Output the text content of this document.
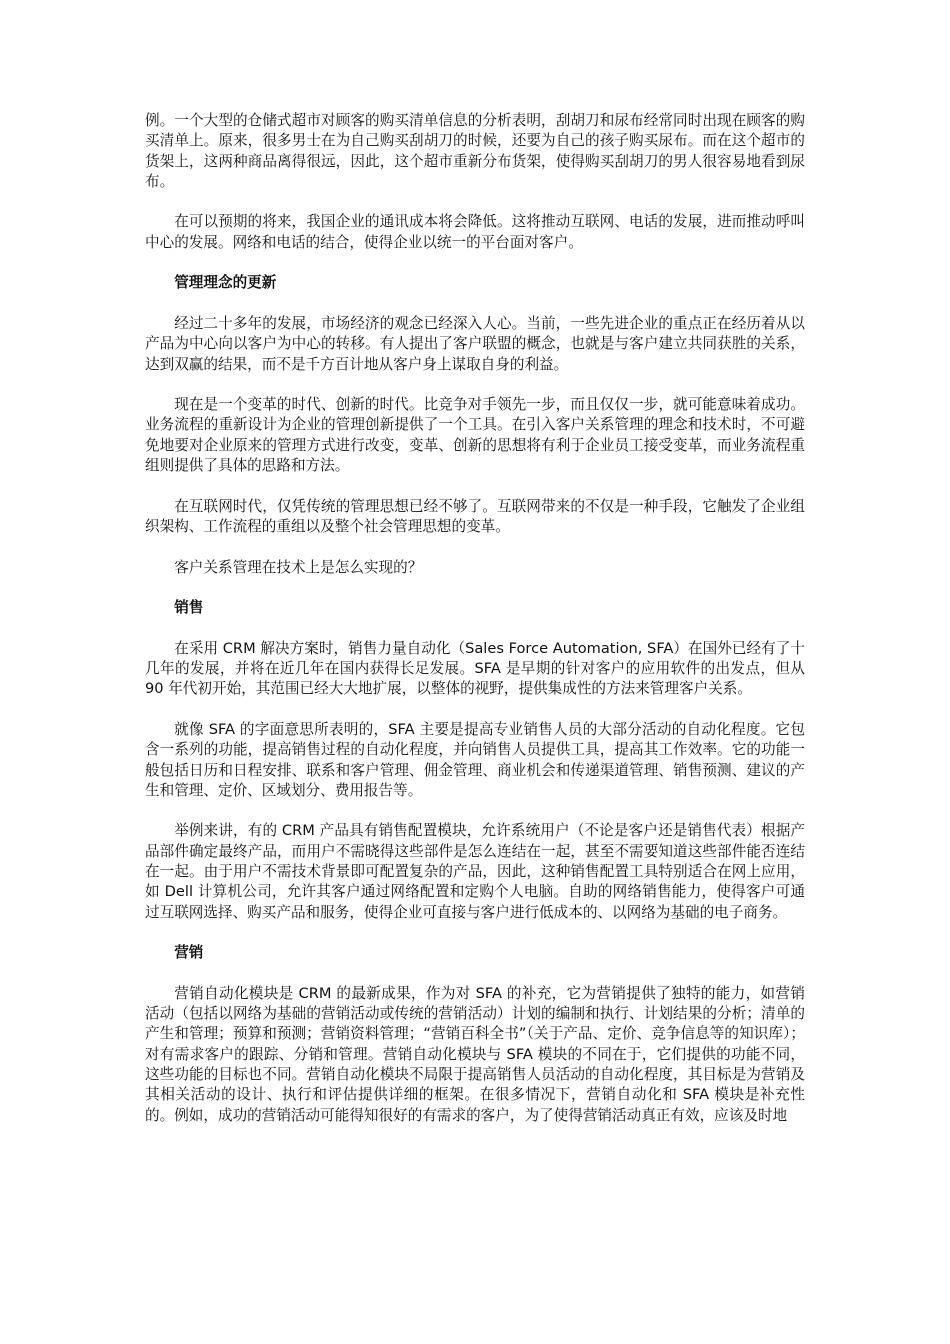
例。一个大型的仓储式超市对顾客的购买清单信息的分析表明，刮胡刀和尿布经常同时出现在顾客的购买清单上。原来，很多男士在为自己购买刮胡刀的时候，还要为自己的孩子购买尿布。而在这个超市的货架上，这两种商品离得很远，因此，这个超市重新分布货架，使得购买刮胡刀的男人很容易地看到尿布。

在可以预期的将来，我国企业的通讯成本将会降低。这将推动互联网、电话的发展，进而推动呼叫中心的发展。网络和电话的结合，使得企业以统一的平台面对客户。

管理理念的更新

经过二十多年的发展，市场经济的观念已经深入人心。当前，一些先进企业的重点正在经历着从以产品为中心向以客户为中心的转移。有人提出了客户联盟的概念，也就是与客户建立共同获胜的关系，达到双赢的结果，而不是千方百计地从客户身上谋取自身的利益。

现在是一个变革的时代、创新的时代。比竞争对手领先一步，而且仅仅一步，就可能意味着成功。业务流程的重新设计为企业的管理创新提供了一个工具。在引入客户关系管理的理念和技术时，不可避免地要对企业原来的管理方式进行改变，变革、创新的思想将有利于企业员工接受变革，而业务流程重组则提供了具体的思路和方法。

在互联网时代，仅凭传统的管理思想已经不够了。互联网带来的不仅是一种手段，它触发了企业组织架构、工作流程的重组以及整个社会管理思想的变革。

客户关系管理在技术上是怎么实现的？

销售

在采用 CRM 解决方案时，销售力量自动化（Sales Force Automation, SFA）在国外已经有了十几年的发展，并将在近几年在国内获得长足发展。SFA 是早期的针对客户的应用软件的出发点，但从 90 年代初开始，其范围已经大大地扩展，以整体的视野，提供集成性的方法来管理客户关系。

就像 SFA 的字面意思所表明的，SFA 主要是提高专业销售人员的大部分活动的自动化程度。它包含一系列的功能，提高销售过程的自动化程度，并向销售人员提供工具，提高其工作效率。它的功能一般包括日历和日程安排、联系和客户管理、佣金管理、商业机会和传递渠道管理、销售预测、建议的产生和管理、定价、区域划分、费用报告等。

举例来讲，有的 CRM 产品具有销售配置模块，允许系统用户（不论是客户还是销售代表）根据产品部件确定最终产品，而用户不需晓得这些部件是怎么连结在一起，甚至不需要知道这些部件能否连结在一起。由于用户不需技术背景即可配置复杂的产品，因此，这种销售配置工具特别适合在网上应用，如 Dell 计算机公司，允许其客户通过网络配置和定购个人电脑。自助的网络销售能力，使得客户可通过互联网选择、购买产品和服务，使得企业可直接与客户进行低成本的、以网络为基础的电子商务。

营销

营销自动化模块是 CRM 的最新成果，作为对 SFA 的补充，它为营销提供了独特的能力，如营销活动（包括以网络为基础的营销活动或传统的营销活动）计划的编制和执行、计划结果的分析；清单的产生和管理；预算和预测；营销资料管理；“营销百科全书”（关于产品、定价、竞争信息等的知识库）；对有需求客户的跟踪、分销和管理。营销自动化模块与 SFA 模块的不同在于，它们提供的功能不同，这些功能的目标也不同。营销自动化模块不局限于提高销售人员活动的自动化程度，其目标是为营销及其相关活动的设计、执行和评估提供详细的框架。在很多情况下，营销自动化和 SFA 模块是补充性的。例如，成功的营销活动可能得知很好的有需求的客户，为了使得营销活动真正有效，应该及时地
